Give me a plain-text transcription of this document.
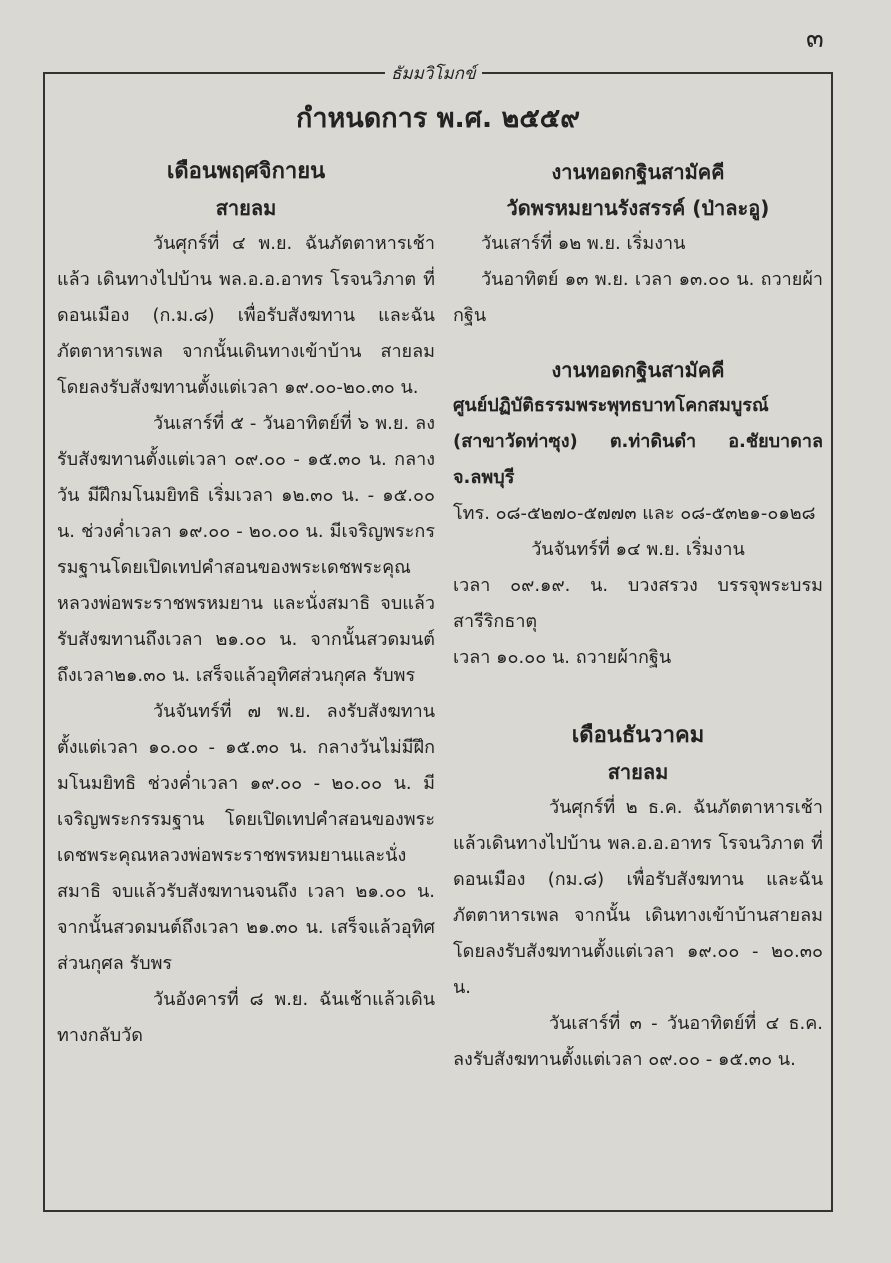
๓
ธัมมวิโมกข์
กำหนดการ พ.ศ. ๒๕๕๙

เดือนพฤศจิกายน

สายลม

วันศุกร์ที่ ๔ พ.ย. ฉันภัตตาหารเช้าแล้ว เดินทางไปบ้าน พล.อ.อ.อาทร โรจนวิภาต ที่ดอนเมือง (ก.ม.๘) เพื่อรับสังฆทาน และฉันภัตตาหารเพล จากนั้นเดินทางเข้าบ้าน สายลม โดยลงรับสังฆทานตั้งแต่เวลา ๑๙.๐๐-๒๐.๓๐ น.

วันเสาร์ที่ ๕ - วันอาทิตย์ที่ ๖ พ.ย. ลงรับสังฆทานตั้งแต่เวลา ๐๙.๐๐ - ๑๕.๓๐ น. กลางวัน มีฝึกมโนมยิทธิ เริ่มเวลา ๑๒.๓๐ น. - ๑๕.๐๐ น. ช่วงค่ำเวลา ๑๙.๐๐ - ๒๐.๐๐ น. มีเจริญพระกรรมฐานโดยเปิดเทปคำสอนของพระเดชพระคุณหลวงพ่อพระราชพรหมยาน และนั่งสมาธิ จบแล้วรับสังฆทานถึงเวลา ๒๑.๐๐ น. จากนั้นสวดมนต์ ถึงเวลา๒๑.๓๐ น. เสร็จแล้วอุทิศส่วนกุศล รับพร

วันจันทร์ที่ ๗ พ.ย. ลงรับสังฆทาน ตั้งแต่เวลา ๑๐.๐๐ - ๑๕.๓๐ น. กลางวันไม่มีฝึกมโนมยิทธิ ช่วงค่ำเวลา ๑๙.๐๐ - ๒๐.๐๐ น. มีเจริญพระกรรมฐาน โดยเปิดเทปคำสอนของพระเดชพระคุณหลวงพ่อพระราชพรหมยานและนั่งสมาธิ จบแล้วรับสังฆทานจนถึง เวลา ๒๑.๐๐ น. จากนั้นสวดมนต์ถึงเวลา ๒๑.๓๐ น. เสร็จแล้วอุทิศส่วนกุศล รับพร

วันอังคารที่ ๘ พ.ย. ฉันเช้าแล้วเดินทางกลับวัด

งานทอดกฐินสามัคคี

วัดพรหมยานรังสรรค์ (ป่าละอู)

วันเสาร์ที่ ๑๒ พ.ย. เริ่มงาน

วันอาทิตย์ ๑๓ พ.ย. เวลา ๑๓.๐๐ น. ถวายผ้ากฐิน

งานทอดกฐินสามัคคี

ศูนย์ปฏิบัติธรรมพระพุทธบาทโคกสมบูรณ์ (สาขาวัดท่าซุง) ต.ท่าดินดำ อ.ชัยบาดาล จ.ลพบุรี

โทร. ๐๘-๕๒๗๐-๕๗๗๓ และ ๐๘-๕๓๒๑-๐๑๒๘

วันจันทร์ที่ ๑๔ พ.ย. เริ่มงาน

เวลา ๐๙.๑๙. น. บวงสรวง บรรจุพระบรมสารีริกธาตุ

เวลา ๑๐.๐๐ น. ถวายผ้ากฐิน

เดือนธันวาคม

สายลม

วันศุกร์ที่ ๒ ธ.ค. ฉันภัตตาหารเช้าแล้วเดินทางไปบ้าน พล.อ.อ.อาทร โรจนวิภาต ที่ดอนเมือง (กม.๘) เพื่อรับสังฆทาน และฉันภัตตาหารเพล จากนั้น เดินทางเข้าบ้านสายลม โดยลงรับสังฆทานตั้งแต่เวลา ๑๙.๐๐ - ๒๐.๓๐ น.

วันเสาร์ที่ ๓ - วันอาทิตย์ที่ ๔ ธ.ค. ลงรับสังฆทานตั้งแต่เวลา ๐๙.๐๐ - ๑๕.๓๐ น.
